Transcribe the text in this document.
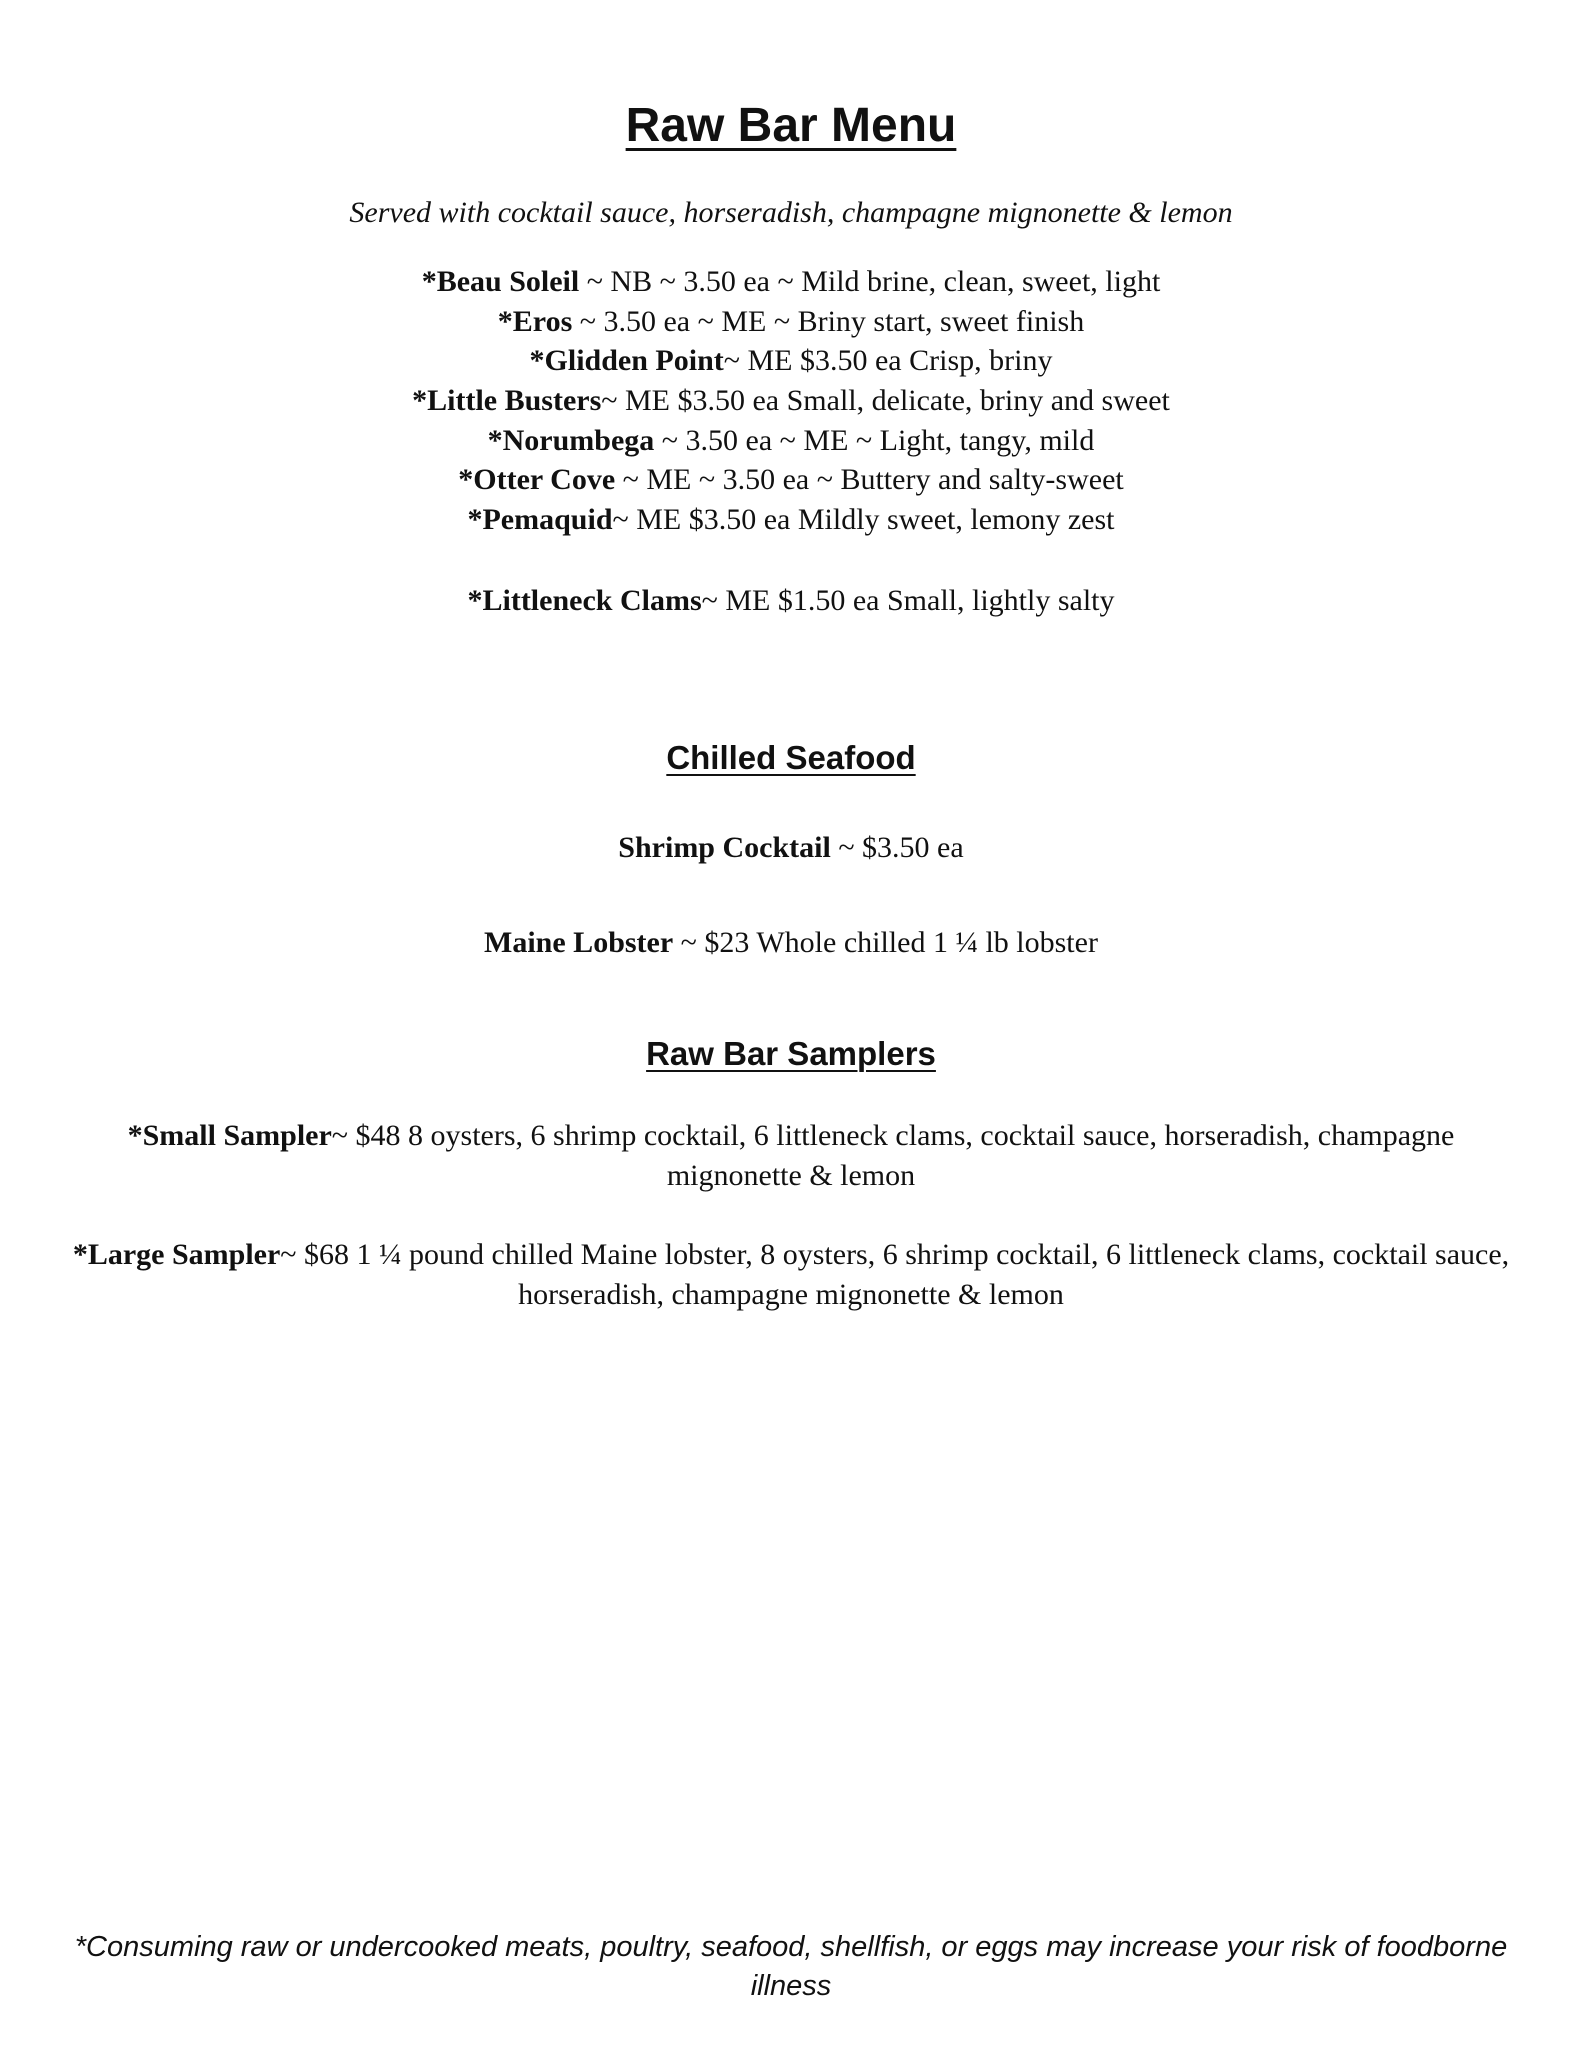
Raw Bar Menu
Served with cocktail sauce, horseradish, champagne mignonette & lemon
*Beau Soleil ~ NB ~ 3.50 ea ~ Mild brine, clean, sweet, light
*Eros ~ 3.50 ea ~ ME ~ Briny start, sweet finish
*Glidden Point~ ME $3.50 ea Crisp, briny
*Little Busters~ ME $3.50 ea Small, delicate, briny and sweet
*Norumbega ~ 3.50 ea ~ ME ~ Light, tangy, mild
*Otter Cove ~ ME ~ 3.50 ea ~ Buttery and salty-sweet
*Pemaquid~ ME $3.50 ea Mildly sweet, lemony zest
*Littleneck Clams~ ME $1.50 ea Small, lightly salty
Chilled Seafood
Shrimp Cocktail ~ $3.50 ea
Maine Lobster ~ $23 Whole chilled 1 ¼ lb lobster
Raw Bar Samplers
*Small Sampler~ $48 8 oysters, 6 shrimp cocktail, 6 littleneck clams, cocktail sauce, horseradish, champagne mignonette & lemon
*Large Sampler~ $68 1 ¼ pound chilled Maine lobster, 8 oysters, 6 shrimp cocktail, 6 littleneck clams, cocktail sauce, horseradish, champagne mignonette & lemon
*Consuming raw or undercooked meats, poultry, seafood, shellfish, or eggs may increase your risk of foodborne illness
